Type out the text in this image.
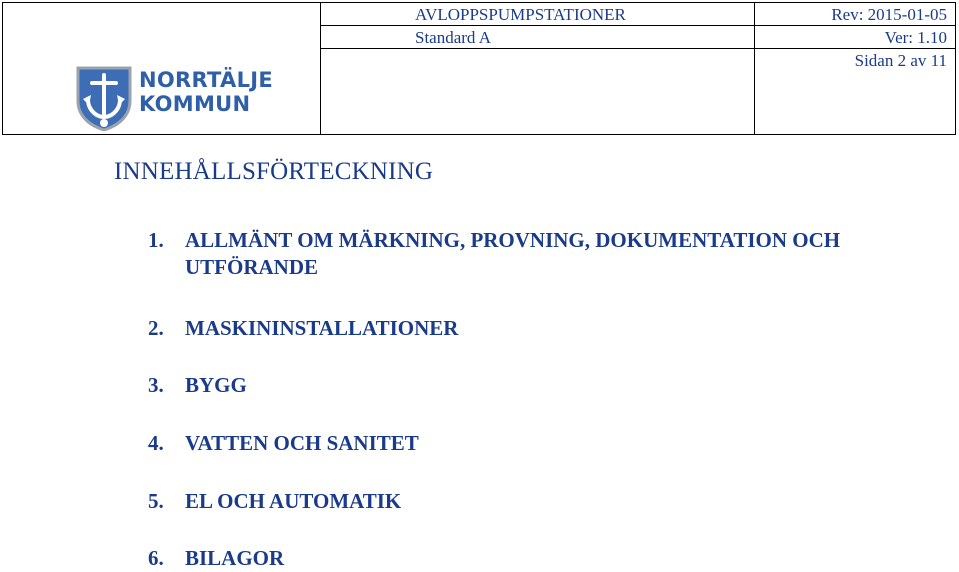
NORRTÄLJE
KOMMUN
AVLOPPSPUMPSTATIONER
Standard A
Rev: 2015-01-05
Ver: 1.10
Sidan 2 av 11
INNEHÅLLSFÖRTECKNING
1.	ALLMÄNT OM MÄRKNING, PROVNING, DOKUMENTATION OCH UTFÖRANDE
2.	MASKININSTALLATIONER
3.	BYGG
4.	VATTEN OCH SANITET
5.	EL OCH AUTOMATIK
6.	BILAGOR
